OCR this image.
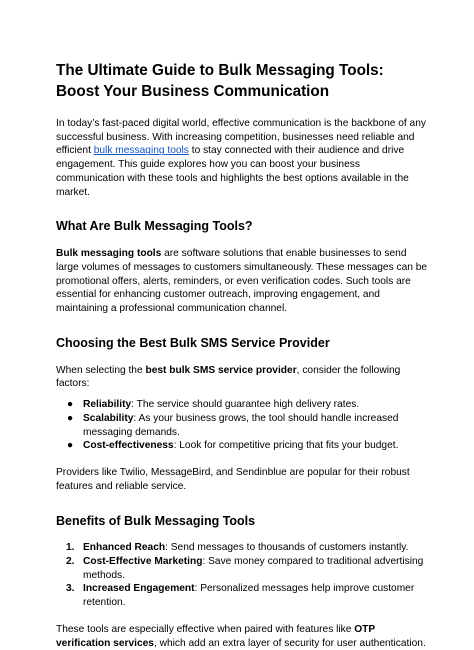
The Ultimate Guide to Bulk Messaging Tools: Boost Your Business Communication

In today’s fast-paced digital world, effective communication is the backbone of any successful business. With increasing competition, businesses need reliable and efficient bulk messaging tools to stay connected with their audience and drive engagement. This guide explores how you can boost your business communication with these tools and highlights the best options available in the market.

What Are Bulk Messaging Tools?

Bulk messaging tools are software solutions that enable businesses to send large volumes of messages to customers simultaneously. These messages can be promotional offers, alerts, reminders, or even verification codes. Such tools are essential for enhancing customer outreach, improving engagement, and maintaining a professional communication channel.

Choosing the Best Bulk SMS Service Provider

When selecting the best bulk SMS service provider, consider the following factors:

● Reliability: The service should guarantee high delivery rates.
● Scalability: As your business grows, the tool should handle increased messaging demands.
● Cost-effectiveness: Look for competitive pricing that fits your budget.

Providers like Twilio, MessageBird, and Sendinblue are popular for their robust features and reliable service.

Benefits of Bulk Messaging Tools
1. Enhanced Reach: Send messages to thousands of customers instantly.
2. Cost-Effective Marketing: Save money compared to traditional advertising methods.
3. Increased Engagement: Personalized messages help improve customer retention.

These tools are especially effective when paired with features like OTP verification services, which add an extra layer of security for user authentication.
